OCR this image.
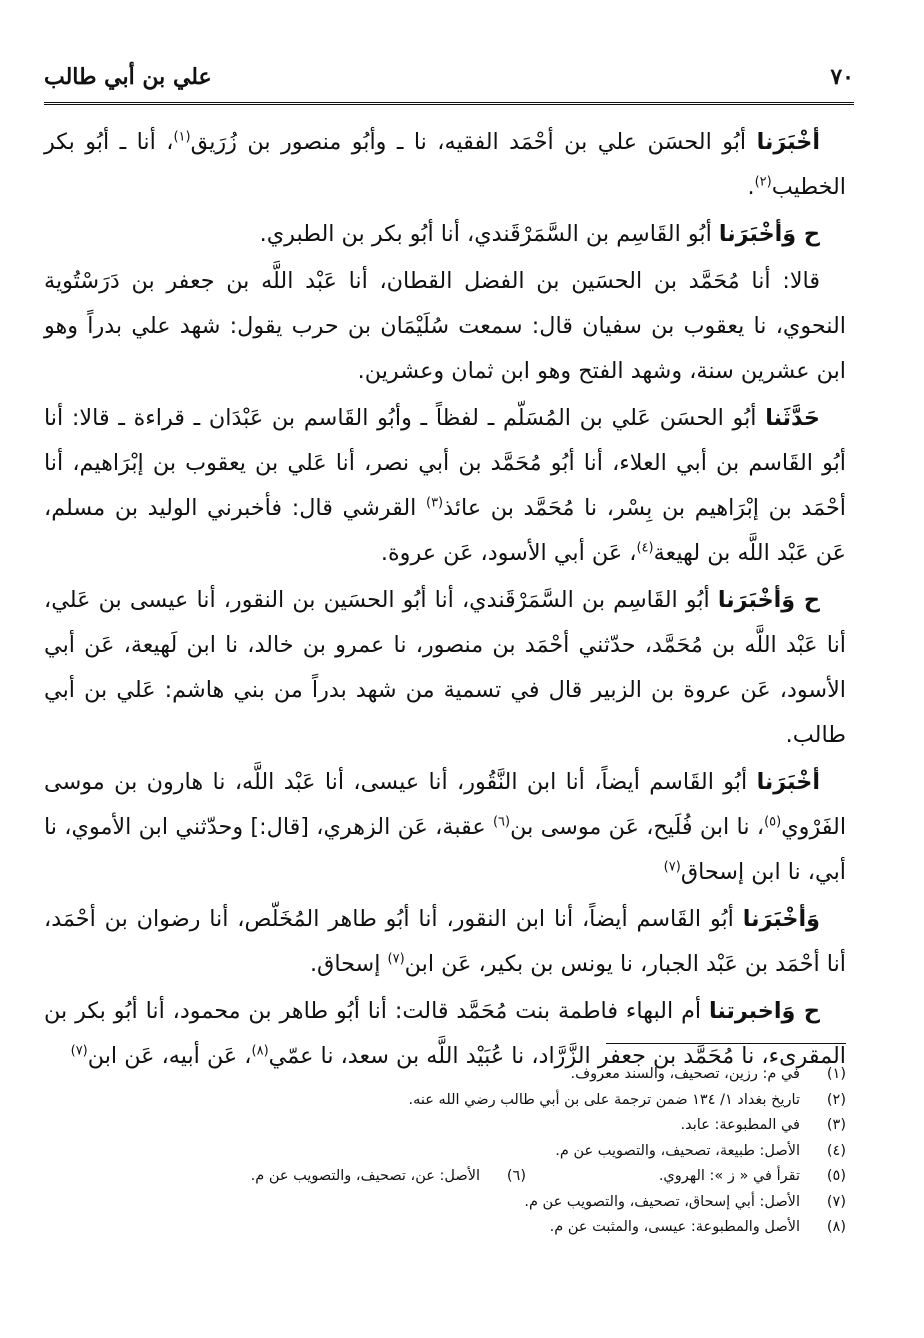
٧٠
علي بن أبي طالب

أخْبَرَنا أبُو الحسَن علي بن أحْمَد الفقيه، نا ـ وأبُو منصور بن زُرَيق$^{(١)}$، أنا ـ أبُو بكر الخطيب$^{(٢)}$.

ح وَأخْبَرَنا أبُو القَاسِم بن السَّمَرْقَندي، أنا أبُو بكر بن الطبري.

قالا: أنا مُحَمَّد بن الحسَين بن الفضل القطان، أنا عَبْد اللَّه بن جعفر بن دَرَسْتُوية النحوي، نا يعقوب بن سفيان قال: سمعت سُلَيْمَان بن حرب يقول: شهد علي بدراً وهو ابن عشرين سنة، وشهد الفتح وهو ابن ثمان وعشرين.

حَدَّثَنا أبُو الحسَن عَلي بن المُسَلّم ـ لفظاً ـ وأبُو القَاسم بن عَبْدَان ـ قراءة ـ قالا: أنا أبُو القَاسم بن أبي العلاء، أنا أبُو مُحَمَّد بن أبي نصر، أنا عَلي بن يعقوب بن إبْرَاهيم، أنا أحْمَد بن إبْرَاهيم بن بِسْر، نا مُحَمَّد بن عائذ$^{(٣)}$ القرشي قال: فأخبرني الوليد بن مسلم، عَن عَبْد اللَّه بن لهيعة$^{(٤)}$، عَن أبي الأسود، عَن عروة.

ح وَأخْبَرَنا أبُو القَاسِم بن السَّمَرْقَندي، أنا أبُو الحسَين بن النقور، أنا عيسى بن عَلي، أنا عَبْد اللَّه بن مُحَمَّد، حدّثني أحْمَد بن منصور، نا عمرو بن خالد، نا ابن لَهيعة، عَن أبي الأسود، عَن عروة بن الزبير قال في تسمية من شهد بدراً من بني هاشم: عَلي بن أبي طالب.

أخْبَرَنا أبُو القَاسم أيضاً، أنا ابن النَّقُور، أنا عيسى، أنا عَبْد اللَّه، نا هارون بن موسى الفَرْوي$^{(٥)}$، نا ابن فُلَيح، عَن موسى بن$^{(٦)}$ عقبة، عَن الزهري، [قال:] وحدّثني ابن الأموي، نا أبي، نا ابن إسحاق$^{(٧)}$

وَأخْبَرَنا أبُو القَاسم أيضاً، أنا ابن النقور، أنا أبُو طاهر المُخَلّص، أنا رضوان بن أحْمَد، أنا أحْمَد بن عَبْد الجبار، نا يونس بن بكير، عَن ابن$^{(٧)}$ إسحاق.

ح وَاخبرتنا أم البهاء فاطمة بنت مُحَمَّد قالت: أنا أبُو طاهر بن محمود، أنا أبُو بكر بن المقرىء، نا مُحَمَّد بن جعفر الزَّرَّاد، نا عُبَيْد اللَّه بن سعد، نا عمّي$^{(٨)}$، عَن أبيه، عَن ابن$^{(٧)}$

(١)
في م: رزين، تصحيف، والسند معروف.
(٢)
تاريخ بغداد ١/ ١٣٤ ضمن ترجمة على بن أبي طالب رضي الله عنه.
(٣)
في المطبوعة: عابد.
(٤)
الأصل: طبيعة، تصحيف، والتصويب عن م.
(٥)تقرأ في « ز »: الهروي.
(٦)الأصل: عن، تصحيف، والتصويب عن م.
(٧)
الأصل: أبي إسحاق، تصحيف، والتصويب عن م.
(٨)
الأصل والمطبوعة: عيسى، والمثبت عن م.
